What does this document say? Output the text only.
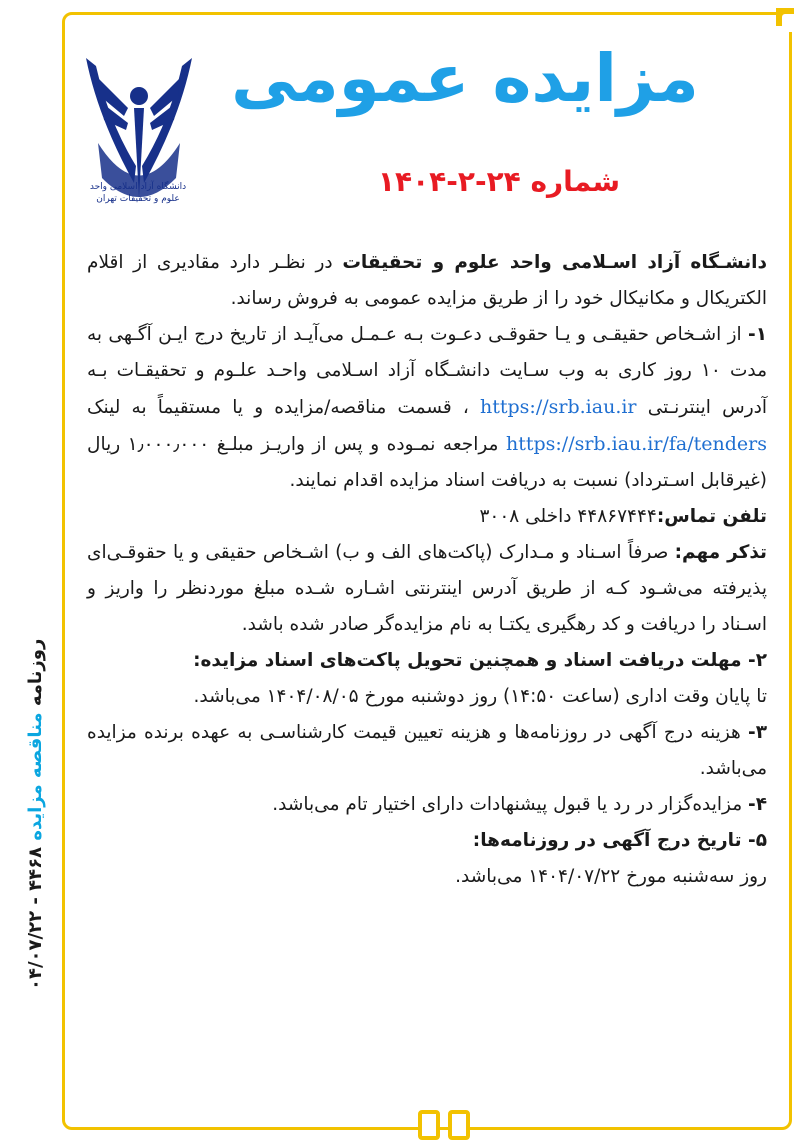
روزنامه مناقصه مزایده ۴۴۶۸ - ۰۴/۰۷/۲۲
دانشگاه آزاد اسلامی واحد علوم و تحقیقات تهران
مزایده عمومی
شماره ۲۴-۲-۱۴۰۴

دانشـگاه آزاد اسـلامی واحد علوم و تحقیقات در نظـر دارد مقادیری از اقلام الکتریکال و مکانیکال خود را از طریق مزایده عمومی به فروش رساند.

۱- از اشـخاص حقیقـی و یـا حقوقـی دعـوت بـه عـمـل می‌آیـد از تاریخ درج ایـن آگـهی به مدت ۱۰ روز کاری به وب سـایت دانشـگاه آزاد اسـلامی واحـد علـوم و تحقیقـات بـه آدرس اینترنـتی https://srb.iau.ir ، قسمت مناقصه/مزایده و یا مستقیماً به لینک https://srb.iau.ir/fa/tenders مراجعه نمـوده و پس از واریـز مبلـغ ۱٫۰۰۰٫۰۰۰ ریال (غیرقابل اسـترداد) نسبت به دریافت اسناد مزایده اقدام نمایند.

تلفن تماس:۴۴۸۶۷۴۴۴ داخلی ۳۰۰۸

تذکر مهم: صرفاً اسـناد و مـدارک (پاکت‌های الف و ب) اشـخاص حقیقی و یا حقوقـی‌ای پذیرفته می‌شـود کـه از طریق آدرس اینترنتی اشـاره شـده مبلغ موردنظر را واریز و اسـناد را دریافت و کد رهگیری یکتـا به نام مزایده‌گر صادر شده باشد.

۲- مهلت دریافت اسناد و همچنین تحویل پاکت‌های اسناد مزایده:

تا پایان وقت اداری (ساعت ۱۴:۵۰) روز دوشنبه مورخ ۱۴۰۴/۰۸/۰۵ می‌باشد.

۳- هزینه درج آگهی در روزنامه‌ها و هزینه تعیین قیمت کارشناسـی به عهده برنده مزایده می‌باشد.

۴- مزایده‌گزار در رد یا قبول پیشنهادات دارای اختیار تام می‌باشد.

۵- تاریخ درج آگهی در روزنامه‌ها:

روز سه‌شنبه مورخ ۱۴۰۴/۰۷/۲۲ می‌باشد.
